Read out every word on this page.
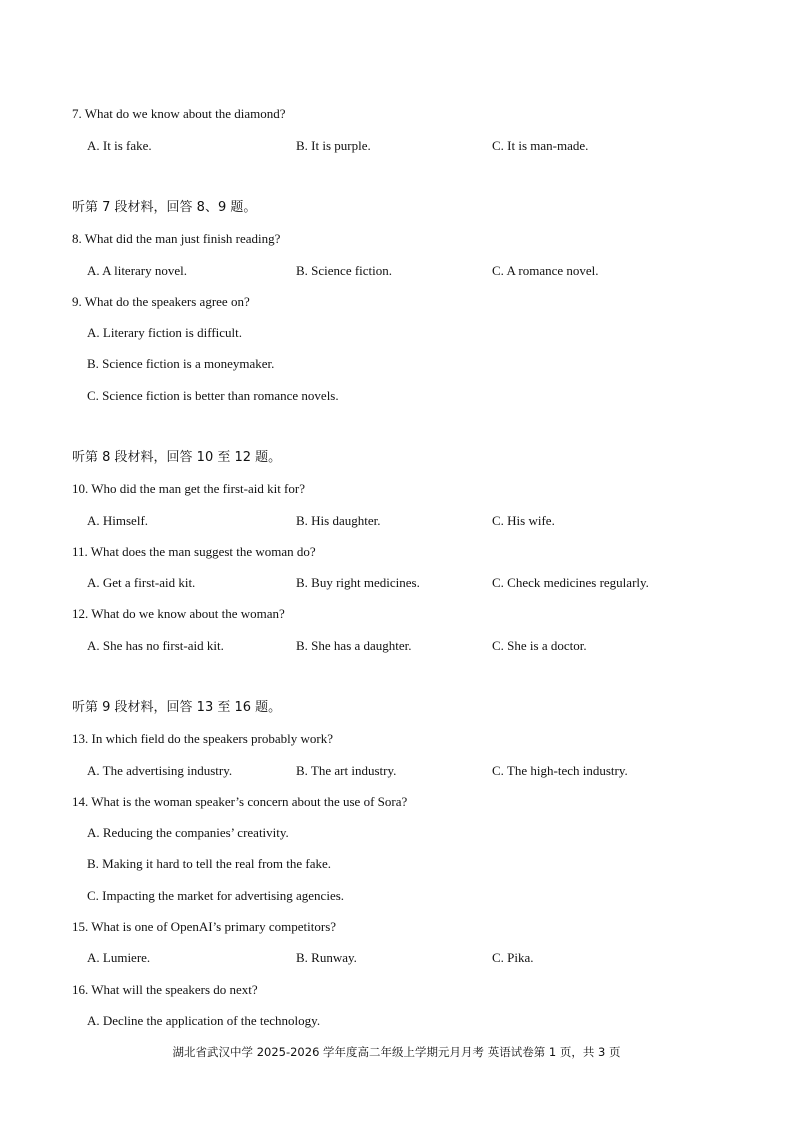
7. What do we know about the diamond?
A. It is fake.	B. It is purple.	C. It is man-made.
听第 7 段材料，回答 8、9 题。
8. What did the man just finish reading?
A. A literary novel.	B. Science fiction.	C. A romance novel.
9. What do the speakers agree on?
A. Literary fiction is difficult.
B. Science fiction is a moneymaker.
C. Science fiction is better than romance novels.
听第 8 段材料，回答 10 至 12 题。
10. Who did the man get the first-aid kit for?
A. Himself.	B. His daughter.	C. His wife.
11. What does the man suggest the woman do?
A. Get a first-aid kit.	B. Buy right medicines.	C. Check medicines regularly.
12. What do we know about the woman?
A. She has no first-aid kit.	B. She has a daughter.	C. She is a doctor.
听第 9 段材料，回答 13 至 16 题。
13. In which field do the speakers probably work?
A. The advertising industry.	B. The art industry.	C. The high-tech industry.
14. What is the woman speaker’s concern about the use of Sora?
A. Reducing the companies’ creativity.
B. Making it hard to tell the real from the fake.
C. Impacting the market for advertising agencies.
15. What is one of OpenAI’s primary competitors?
A. Lumiere.	B. Runway.	C. Pika.
16. What will the speakers do next?
A. Decline the application of the technology.
湖北省武汉中学 2025-2026 学年度高二年级上学期元月月考 英语试卷第 1 页，共 3 页
